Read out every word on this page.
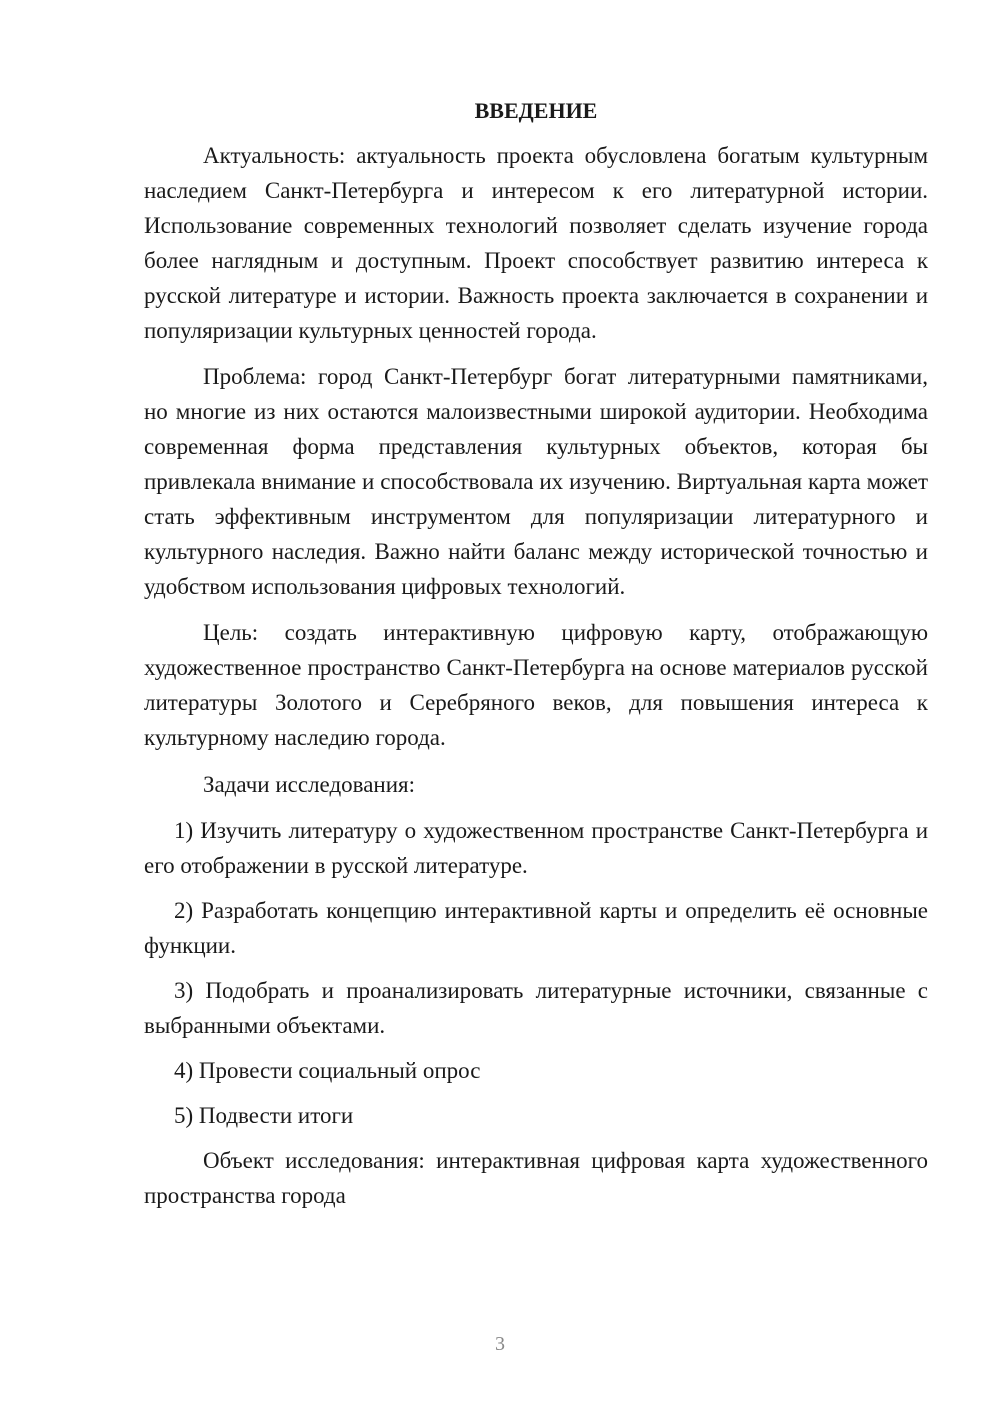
ВВЕДЕНИЕ

Актуальность: актуальность проекта обусловлена богатым культурным наследием Санкт-Петербурга и интересом к его литературной истории. Использование современных технологий позволяет сделать изучение города более наглядным и доступным. Проект способствует развитию интереса к русской литературе и истории. Важность проекта заключается в сохранении и популяризации культурных ценностей города.

Проблема: город Санкт-Петербург богат литературными памятниками, но многие из них остаются малоизвестными широкой аудитории. Необходима современная форма представления культурных объектов, которая бы привлекала внимание и способствовала их изучению. Виртуальная карта может стать эффективным инструментом для популяризации литературного и культурного наследия. Важно найти баланс между исторической точностью и удобством использования цифровых технологий.

Цель: создать интерактивную цифровую карту, отображающую художественное пространство Санкт-Петербурга на основе материалов русской литературы Золотого и Серебряного веков, для повышения интереса к культурному наследию города.

Задачи исследования:

1) Изучить литературу о художественном пространстве Санкт-Петербурга и его отображении в русской литературе.

2) Разработать концепцию интерактивной карты и определить её основные функции.

3) Подобрать и проанализировать литературные источники, связанные с выбранными объектами.

4) Провести социальный опрос

5) Подвести итоги

Объект исследования: интерактивная цифровая карта художественного пространства города

3
